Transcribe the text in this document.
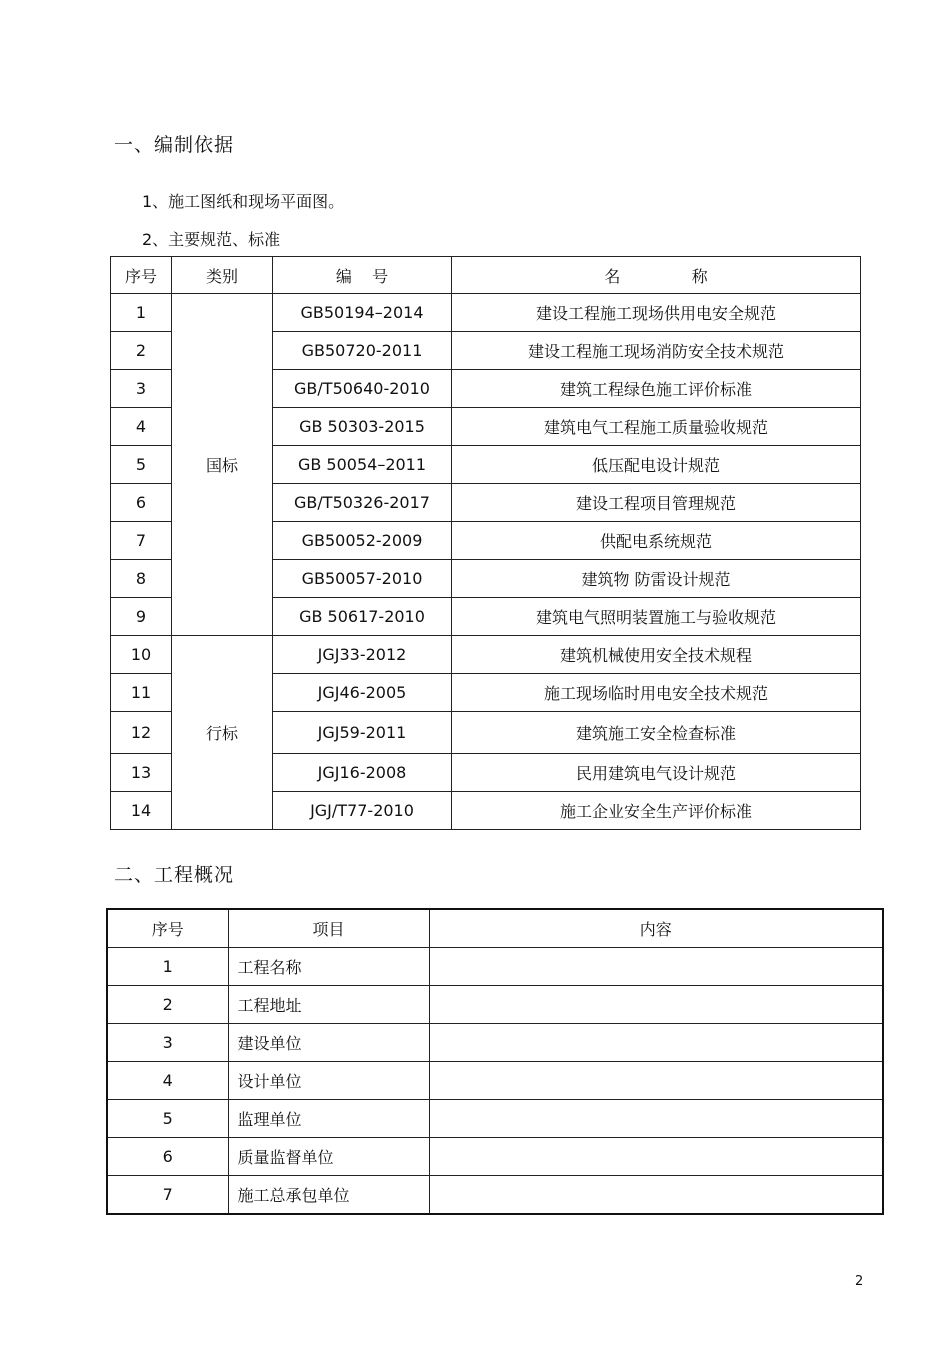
一、编制依据
1、施工图纸和现场平面图。
2、主要规范、标准
序号	类别	编    号	名              称
1	国标	GB50194–2014	建设工程施工现场供用电安全规范
2		GB50720-2011	建设工程施工现场消防安全技术规范
3		GB/T50640-2010	建筑工程绿色施工评价标准
4		GB 50303-2015	建筑电气工程施工质量验收规范
5		GB 50054–2011	低压配电设计规范
6		GB/T50326-2017	建设工程项目管理规范
7		GB50052-2009	供配电系统规范
8		GB50057-2010	建筑物 防雷设计规范
9		GB 50617-2010	建筑电气照明装置施工与验收规范
10	行标	JGJ33-2012	建筑机械使用安全技术规程
11		JGJ46-2005	施工现场临时用电安全技术规范
12		JGJ59-2011	建筑施工安全检查标准
13		JGJ16-2008	民用建筑电气设计规范
14		JGJ/T77-2010	施工企业安全生产评价标准
二、工程概况
序号	项目	内容
1	工程名称	
2	工程地址	
3	建设单位	
4	设计单位	
5	监理单位	
6	质量监督单位	
7	施工总承包单位	
2
